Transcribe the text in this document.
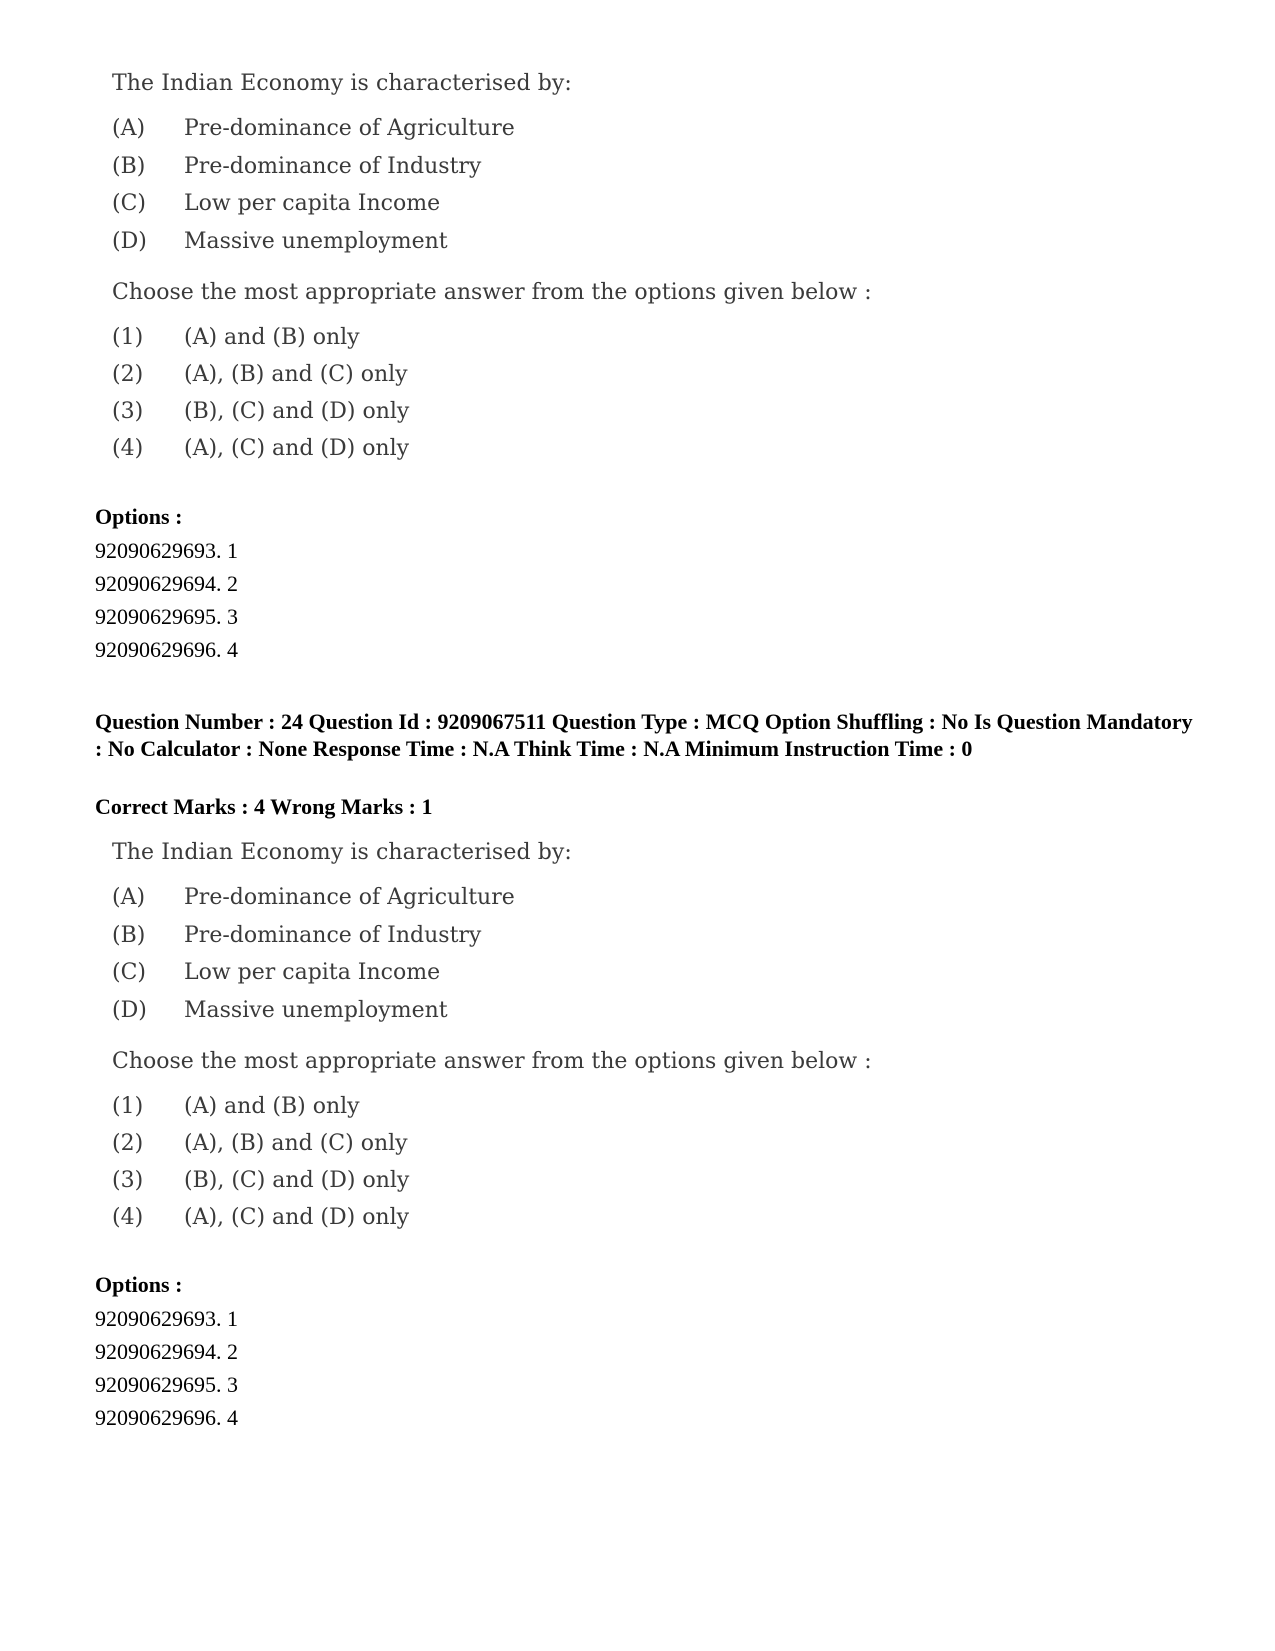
The Indian Economy is characterised by:
(A)	Pre-dominance of Agriculture
(B)	Pre-dominance of Industry
(C)	Low per capita Income
(D)	Massive unemployment
Choose the most appropriate answer from the options given below :
(1)	(A) and (B) only
(2)	(A), (B) and (C) only
(3)	(B), (C) and (D) only
(4)	(A), (C) and (D) only
Options :
92090629693. 1
92090629694. 2
92090629695. 3
92090629696. 4
Question Number : 24 Question Id : 9209067511 Question Type : MCQ Option Shuffling : No Is Question Mandatory : No Calculator : None Response Time : N.A Think Time : N.A Minimum Instruction Time : 0
Correct Marks : 4 Wrong Marks : 1
The Indian Economy is characterised by:
(A)	Pre-dominance of Agriculture
(B)	Pre-dominance of Industry
(C)	Low per capita Income
(D)	Massive unemployment
Choose the most appropriate answer from the options given below :
(1)	(A) and (B) only
(2)	(A), (B) and (C) only
(3)	(B), (C) and (D) only
(4)	(A), (C) and (D) only
Options :
92090629693. 1
92090629694. 2
92090629695. 3
92090629696. 4
